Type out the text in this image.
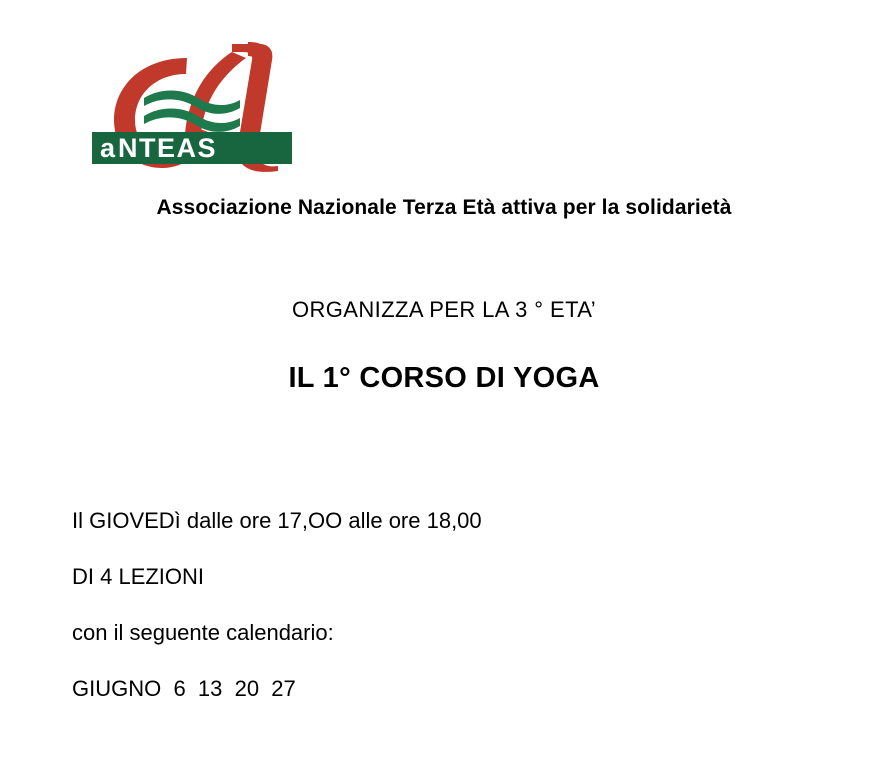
a NTEAS
Associazione Nazionale Terza Età attiva per la solidarietà
ORGANIZZA PER LA 3 ° ETA’
IL 1° CORSO DI YOGA
Il GIOVEDì dalle ore 17,OO alle ore 18,00
DI 4 LEZIONI
con il seguente calendario:
GIUGNO  6  13  20  27
